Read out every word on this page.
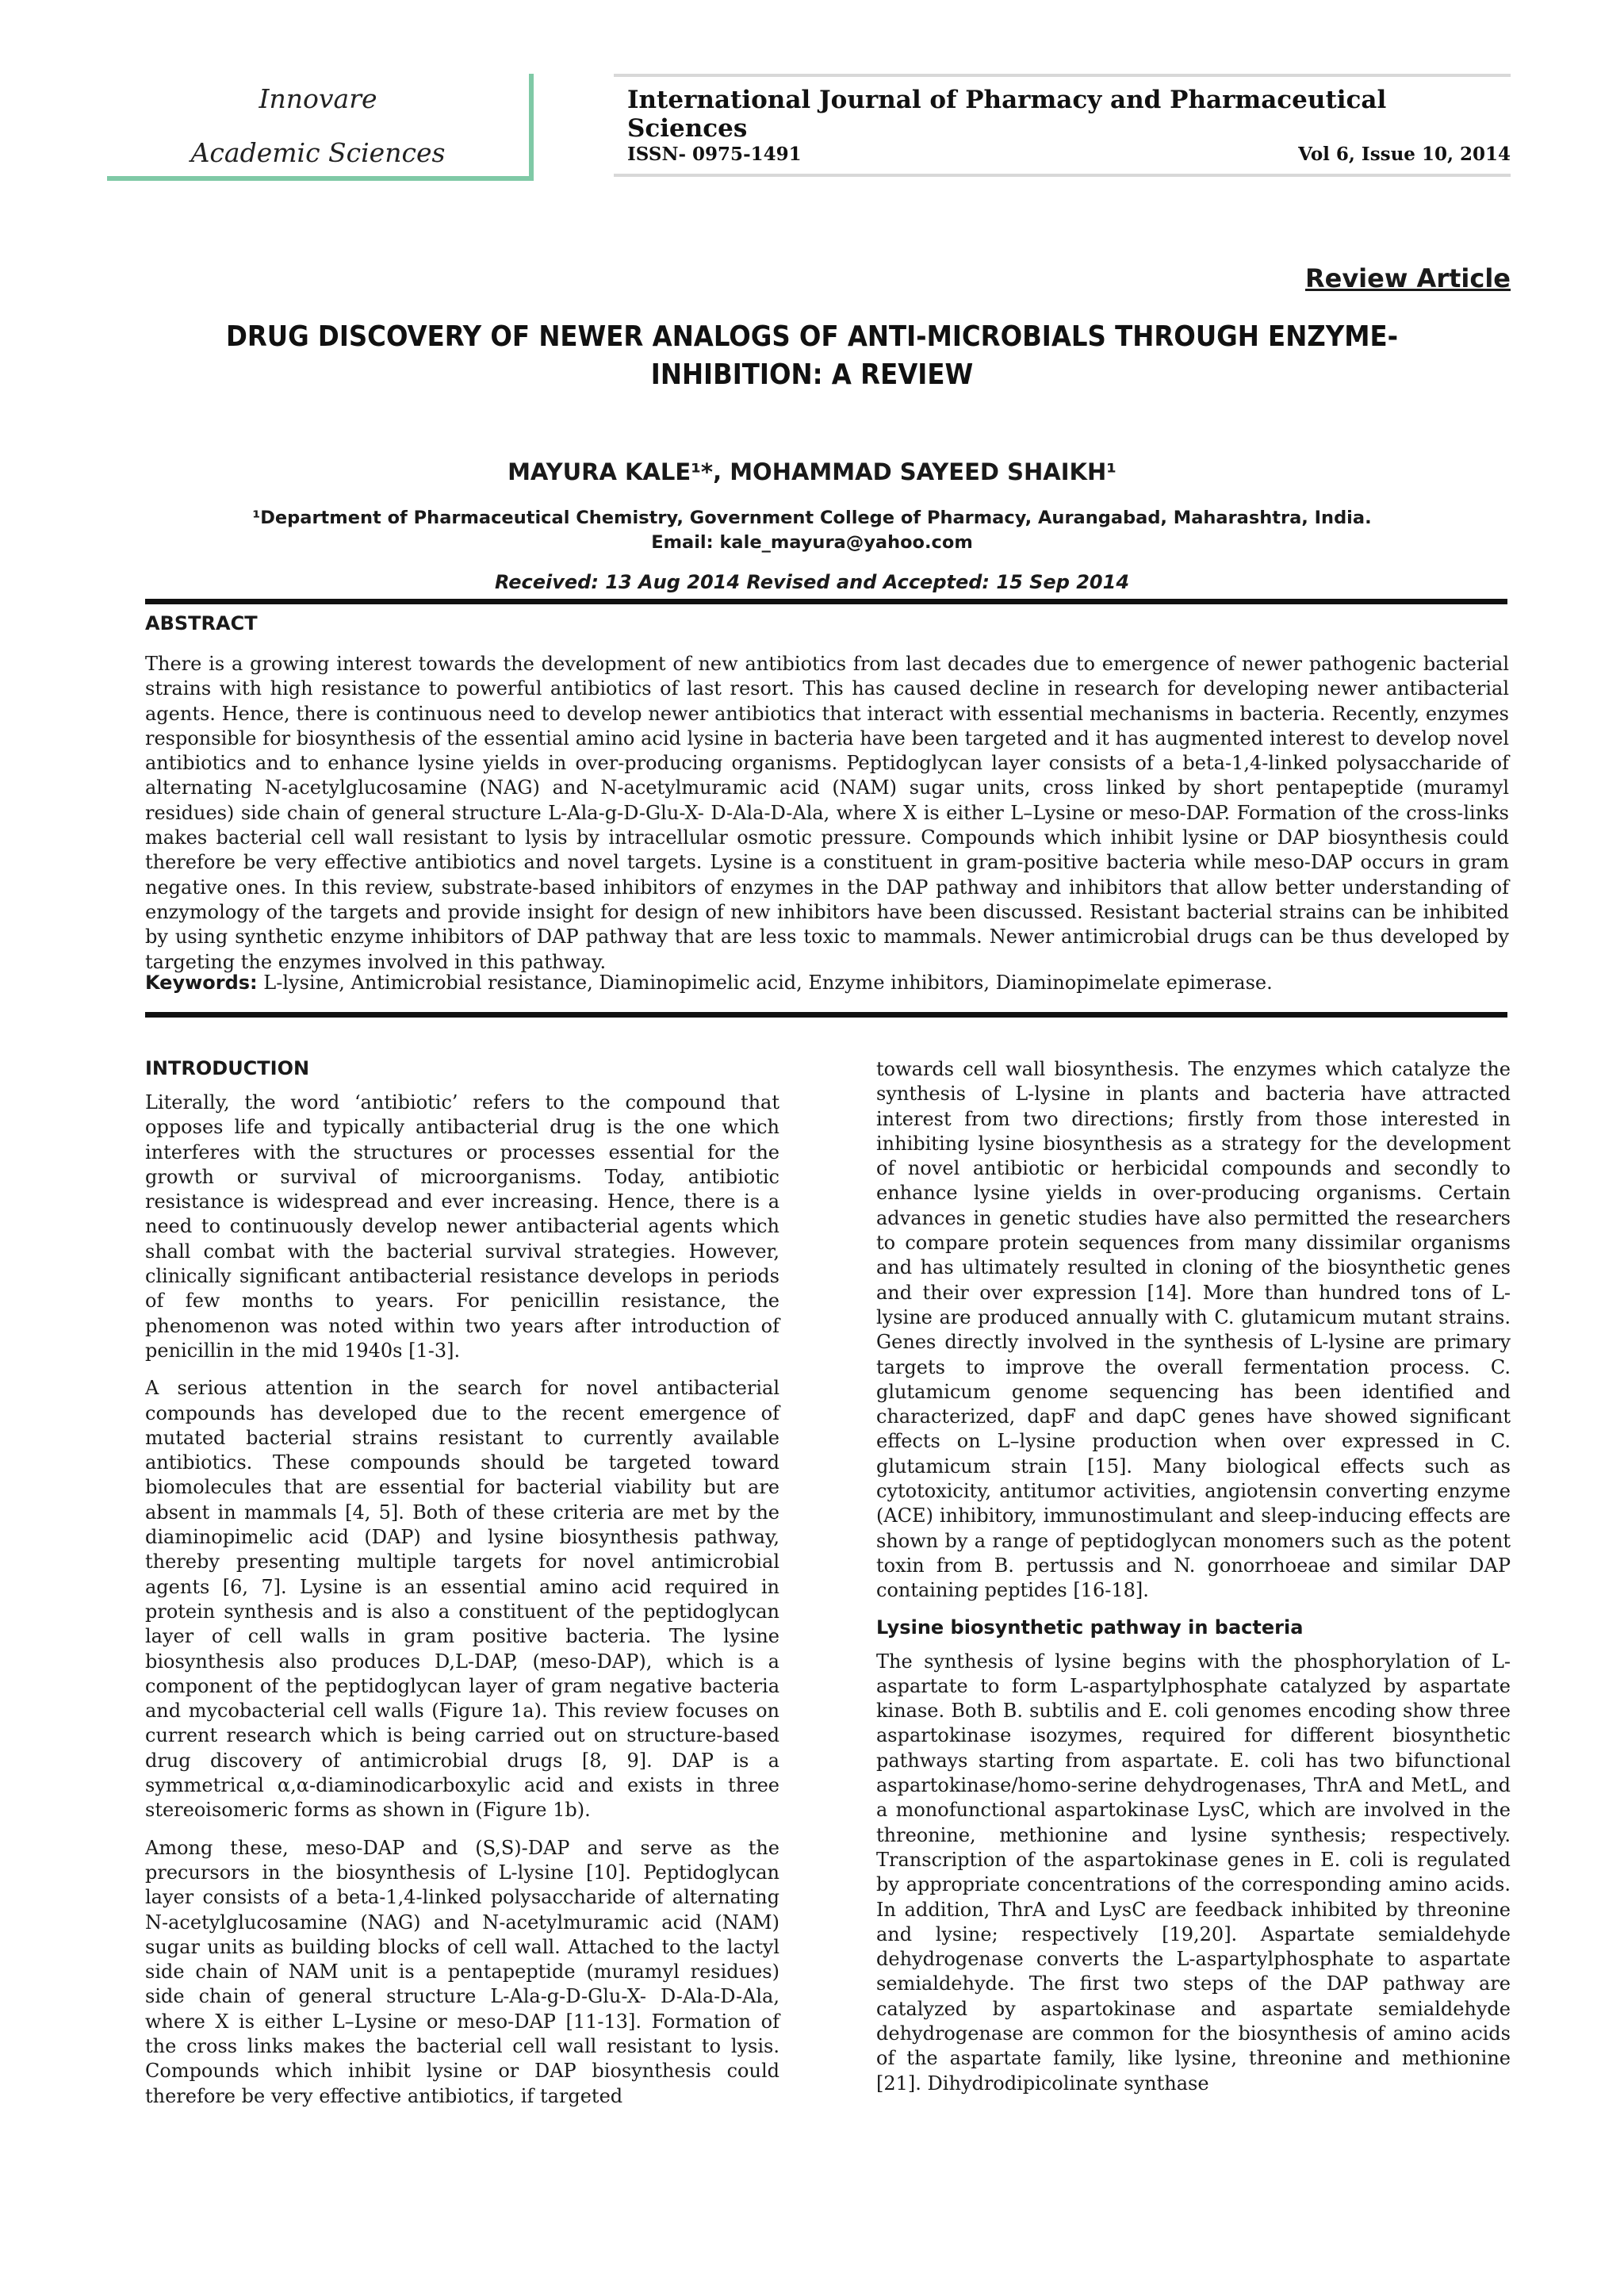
Innovare
Academic Sciences
International Journal of Pharmacy and Pharmaceutical Sciences
ISSN- 0975-1491	Vol 6, Issue 10, 2014
Review Article
DRUG DISCOVERY OF NEWER ANALOGS OF ANTI-MICROBIALS THROUGH ENZYME-INHIBITION: A REVIEW
MAYURA KALE¹*, MOHAMMAD SAYEED SHAIKH¹
¹Department of Pharmaceutical Chemistry, Government College of Pharmacy, Aurangabad, Maharashtra, India.
Email: kale_mayura@yahoo.com
Received: 13 Aug 2014 Revised and Accepted: 15 Sep 2014
ABSTRACT
There is a growing interest towards the development of new antibiotics from last decades due to emergence of newer pathogenic bacterial strains with high resistance to powerful antibiotics of last resort. This has caused decline in research for developing newer antibacterial agents. Hence, there is continuous need to develop newer antibiotics that interact with essential mechanisms in bacteria. Recently, enzymes responsible for biosynthesis of the essential amino acid lysine in bacteria have been targeted and it has augmented interest to develop novel antibiotics and to enhance lysine yields in over-producing organisms. Peptidoglycan layer consists of a beta-1,4-linked polysaccharide of alternating N-acetylglucosamine (NAG) and N-acetylmuramic acid (NAM) sugar units, cross linked by short pentapeptide (muramyl residues) side chain of general structure L-Ala-g-D-Glu-X- D-Ala-D-Ala, where X is either L–Lysine or meso-DAP. Formation of the cross-links makes bacterial cell wall resistant to lysis by intracellular osmotic pressure. Compounds which inhibit lysine or DAP biosynthesis could therefore be very effective antibiotics and novel targets. Lysine is a constituent in gram-positive bacteria while meso-DAP occurs in gram negative ones. In this review, substrate-based inhibitors of enzymes in the DAP pathway and inhibitors that allow better understanding of enzymology of the targets and provide insight for design of new inhibitors have been discussed. Resistant bacterial strains can be inhibited by using synthetic enzyme inhibitors of DAP pathway that are less toxic to mammals. Newer antimicrobial drugs can be thus developed by targeting the enzymes involved in this pathway.
Keywords: L-lysine, Antimicrobial resistance, Diaminopimelic acid, Enzyme inhibitors, Diaminopimelate epimerase.
INTRODUCTION

Literally, the word ‘antibiotic’ refers to the compound that opposes life and typically antibacterial drug is the one which interferes with the structures or processes essential for the growth or survival of microorganisms. Today, antibiotic resistance is widespread and ever increasing. Hence, there is a need to continuously develop newer antibacterial agents which shall combat with the bacterial survival strategies. However, clinically significant antibacterial resistance develops in periods of few months to years. For penicillin resistance, the phenomenon was noted within two years after introduction of penicillin in the mid 1940s [1-3].

A serious attention in the search for novel antibacterial compounds has developed due to the recent emergence of mutated bacterial strains resistant to currently available antibiotics. These compounds should be targeted toward biomolecules that are essential for bacterial viability but are absent in mammals [4, 5]. Both of these criteria are met by the diaminopimelic acid (DAP) and lysine biosynthesis pathway, thereby presenting multiple targets for novel antimicrobial agents [6, 7]. Lysine is an essential amino acid required in protein synthesis and is also a constituent of the peptidoglycan layer of cell walls in gram positive bacteria. The lysine biosynthesis also produces D,L-DAP, (meso-DAP), which is a component of the peptidoglycan layer of gram negative bacteria and mycobacterial cell walls (Figure 1a). This review focuses on current research which is being carried out on structure-based drug discovery of antimicrobial drugs [8, 9]. DAP is a symmetrical α,α-diaminodicarboxylic acid and exists in three stereoisomeric forms as shown in (Figure 1b).

Among these, meso-DAP and (S,S)-DAP and serve as the precursors in the biosynthesis of L-lysine [10]. Peptidoglycan layer consists of a beta-1,4-linked polysaccharide of alternating N-acetylglucosamine (NAG) and N-acetylmuramic acid (NAM) sugar units as building blocks of cell wall. Attached to the lactyl side chain of NAM unit is a pentapeptide (muramyl residues) side chain of general structure L-Ala-g-D-Glu-X- D-Ala-D-Ala, where X is either L–Lysine or meso-DAP [11-13]. Formation of the cross links makes the bacterial cell wall resistant to lysis. Compounds which inhibit lysine or DAP biosynthesis could therefore be very effective antibiotics, if targeted

towards cell wall biosynthesis. The enzymes which catalyze the synthesis of L-lysine in plants and bacteria have attracted interest from two directions; firstly from those interested in inhibiting lysine biosynthesis as a strategy for the development of novel antibiotic or herbicidal compounds and secondly to enhance lysine yields in over-producing organisms. Certain advances in genetic studies have also permitted the researchers to compare protein sequences from many dissimilar organisms and has ultimately resulted in cloning of the biosynthetic genes and their over expression [14]. More than hundred tons of L-lysine are produced annually with C. glutamicum mutant strains. Genes directly involved in the synthesis of L-lysine are primary targets to improve the overall fermentation process. C. glutamicum genome sequencing has been identified and characterized, dapF and dapC genes have showed significant effects on L–lysine production when over expressed in C. glutamicum strain [15]. Many biological effects such as cytotoxicity, antitumor activities, angiotensin converting enzyme (ACE) inhibitory, immunostimulant and sleep-inducing effects are shown by a range of peptidoglycan monomers such as the potent toxin from B. pertussis and N. gonorrhoeae and similar DAP containing peptides [16-18].

Lysine biosynthetic pathway in bacteria

The synthesis of lysine begins with the phosphorylation of L-aspartate to form L-aspartylphosphate catalyzed by aspartate kinase. Both B. subtilis and E. coli genomes encoding show three aspartokinase isozymes, required for different biosynthetic pathways starting from aspartate. E. coli has two bifunctional aspartokinase/homo-serine dehydrogenases, ThrA and MetL, and a monofunctional aspartokinase LysC, which are involved in the threonine, methionine and lysine synthesis; respectively. Transcription of the aspartokinase genes in E. coli is regulated by appropriate concentrations of the corresponding amino acids. In addition, ThrA and LysC are feedback inhibited by threonine and lysine; respectively [19,20]. Aspartate semialdehyde dehydrogenase converts the L-aspartylphosphate to aspartate semialdehyde. The first two steps of the DAP pathway are catalyzed by aspartokinase and aspartate semialdehyde dehydrogenase are common for the biosynthesis of amino acids of the aspartate family, like lysine, threonine and methionine [21]. Dihydrodipicolinate synthase
